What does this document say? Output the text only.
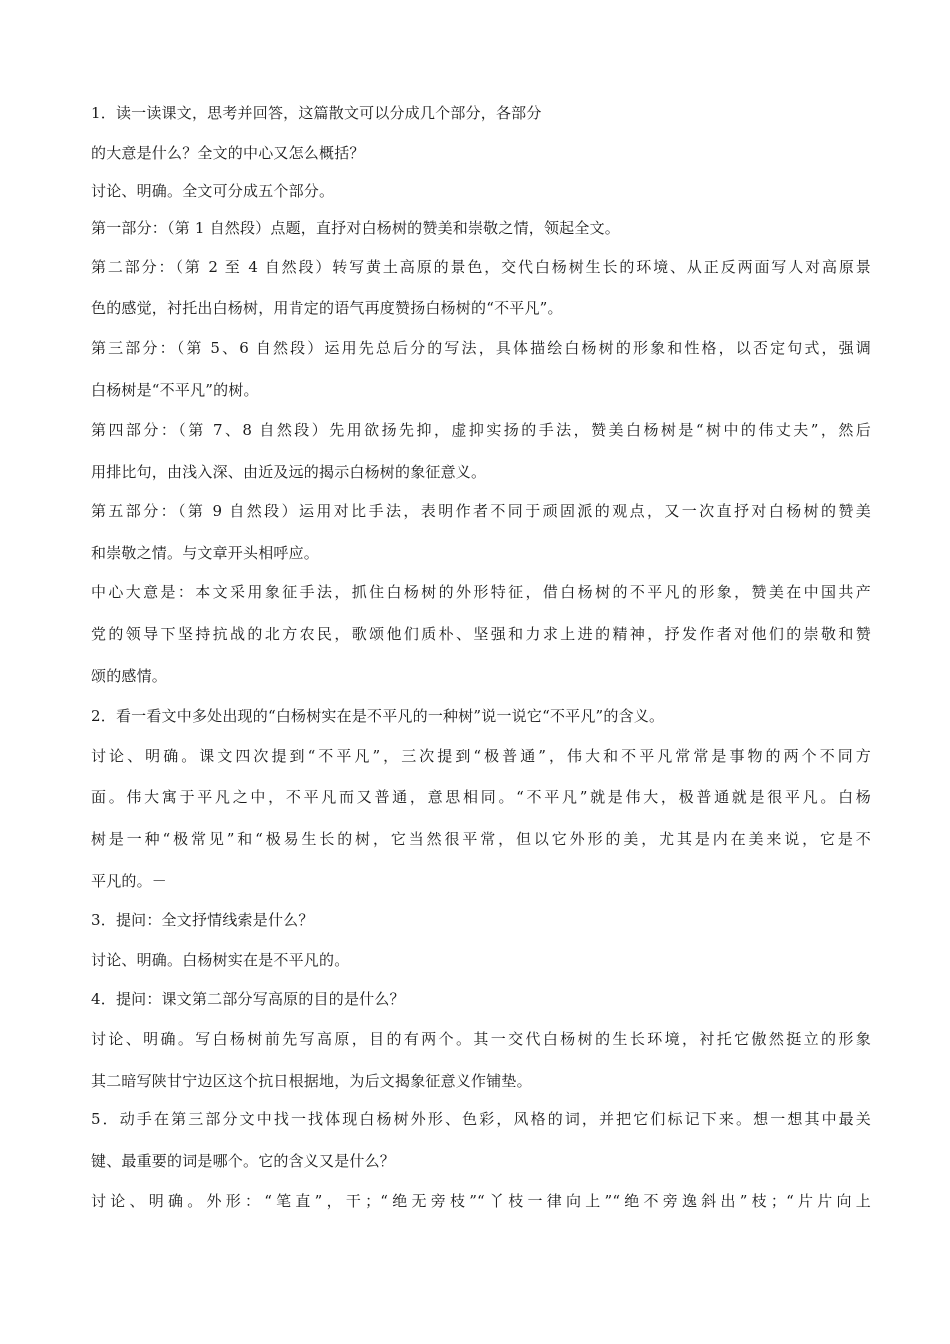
1．读一读课文，思考并回答，这篇散文可以分成几个部分，各部分
的大意是什么？全文的中心又怎么概括？
讨论、明确。全文可分成五个部分。
第一部分：（第 1 自然段）点题，直抒对白杨树的赞美和崇敬之情，领起全文。
第二部分：（第 2 至 4 自然段）转写黄土高原的景色，交代白杨树生长的环境、从正反两面写人对高原景
色的感觉，衬托出白杨树，用肯定的语气再度赞扬白杨树的“不平凡”。
第三部分：（第 5、6 自然段）运用先总后分的写法，具体描绘白杨树的形象和性格，以否定句式，强调
白杨树是“不平凡”的树。
第四部分：（第 7、8 自然段）先用欲扬先抑，虚抑实扬的手法，赞美白杨树是“树中的伟丈夫”，然后
用排比句，由浅入深、由近及远的揭示白杨树的象征意义。
第五部分：（第 9 自然段）运用对比手法，表明作者不同于顽固派的观点，又一次直抒对白杨树的赞美
和崇敬之情。与文章开头相呼应。
中心大意是：本文采用象征手法，抓住白杨树的外形特征，借白杨树的不平凡的形象，赞美在中国共产
党的领导下坚持抗战的北方农民，歌颂他们质朴、坚强和力求上进的精神，抒发作者对他们的崇敬和赞
颂的感情。
2．看一看文中多处出现的“白杨树实在是不平凡的一种树”说一说它“不平凡”的含义。
讨论、明确。课文四次提到“不平凡”，三次提到“极普通”，伟大和不平凡常常是事物的两个不同方
面。伟大寓于平凡之中，不平凡而又普通，意思相同。“不平凡”就是伟大，极普通就是很平凡。白杨
树是一种“极常见”和“极易生长的树，它当然很平常，但以它外形的美，尤其是内在美来说，它是不
平凡的。－
3．提问：全文抒情线索是什么？
讨论、明确。白杨树实在是不平凡的。
4．提问：课文第二部分写高原的目的是什么？
讨论、明确。写白杨树前先写高原，目的有两个。其一交代白杨树的生长环境，衬托它傲然挺立的形象
其二暗写陕甘宁边区这个抗日根据地，为后文揭象征意义作铺垫。
5．动手在第三部分文中找一找体现白杨树外形、色彩，风格的词，并把它们标记下来。想一想其中最关
键、最重要的词是哪个。它的含义又是什么？
讨论、明确。外形：“笔直”，干；“绝无旁枝”“丫枝一律向上”“绝不旁逸斜出”枝；“片片向上
